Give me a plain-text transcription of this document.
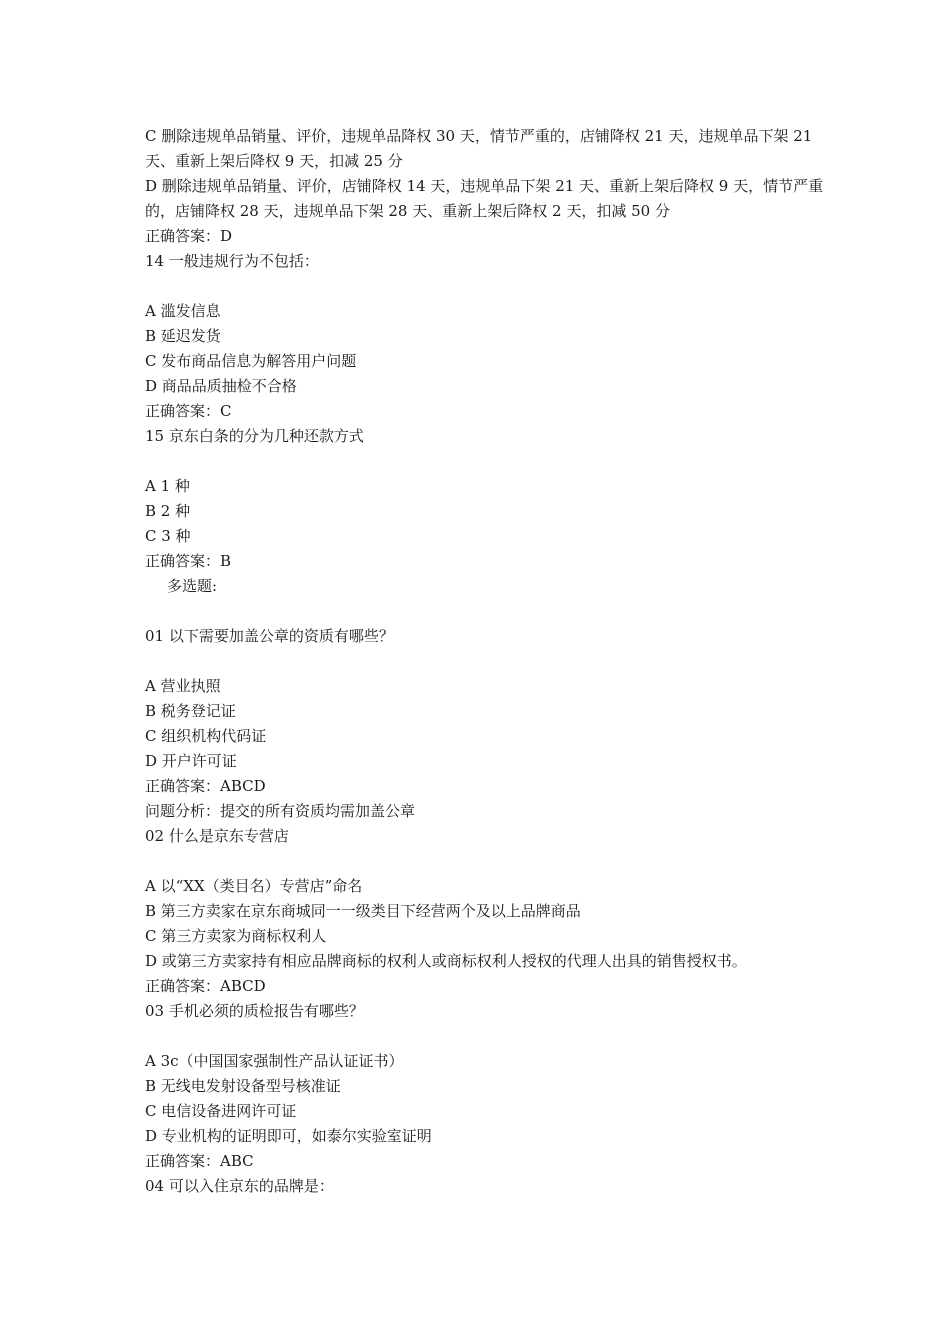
C 删除违规单品销量、评价，违规单品降权 30 天，情节严重的，店铺降权 21 天，违规单品下架 21 天、重新上架后降权 9 天，扣减 25 分
D 删除违规单品销量、评价，店铺降权 14 天，违规单品下架 21 天、重新上架后降权 9 天，情节严重的，店铺降权 28 天，违规单品下架 28 天、重新上架后降权 2 天，扣减 50 分
正确答案：D
14 一般违规行为不包括：
A 滥发信息
B 延迟发货
C 发布商品信息为解答用户问题
D 商品品质抽检不合格
正确答案：C
15 京东白条的分为几种还款方式
A 1 种
B 2 种
C 3 种
正确答案：B
多选题:
01 以下需要加盖公章的资质有哪些？
A 营业执照
B 税务登记证
C 组织机构代码证
D 开户许可证
正确答案：ABCD
问题分析：提交的所有资质均需加盖公章
02 什么是京东专营店
A 以“XX（类目名）专营店”命名
B 第三方卖家在京东商城同一一级类目下经营两个及以上品牌商品
C 第三方卖家为商标权利人
D 或第三方卖家持有相应品牌商标的权利人或商标权利人授权的代理人出具的销售授权书。
正确答案：ABCD
03 手机必须的质检报告有哪些？
A 3c（中国国家强制性产品认证证书）
B 无线电发射设备型号核准证
C 电信设备进网许可证
D 专业机构的证明即可，如泰尔实验室证明
正确答案：ABC
04 可以入住京东的品牌是：
